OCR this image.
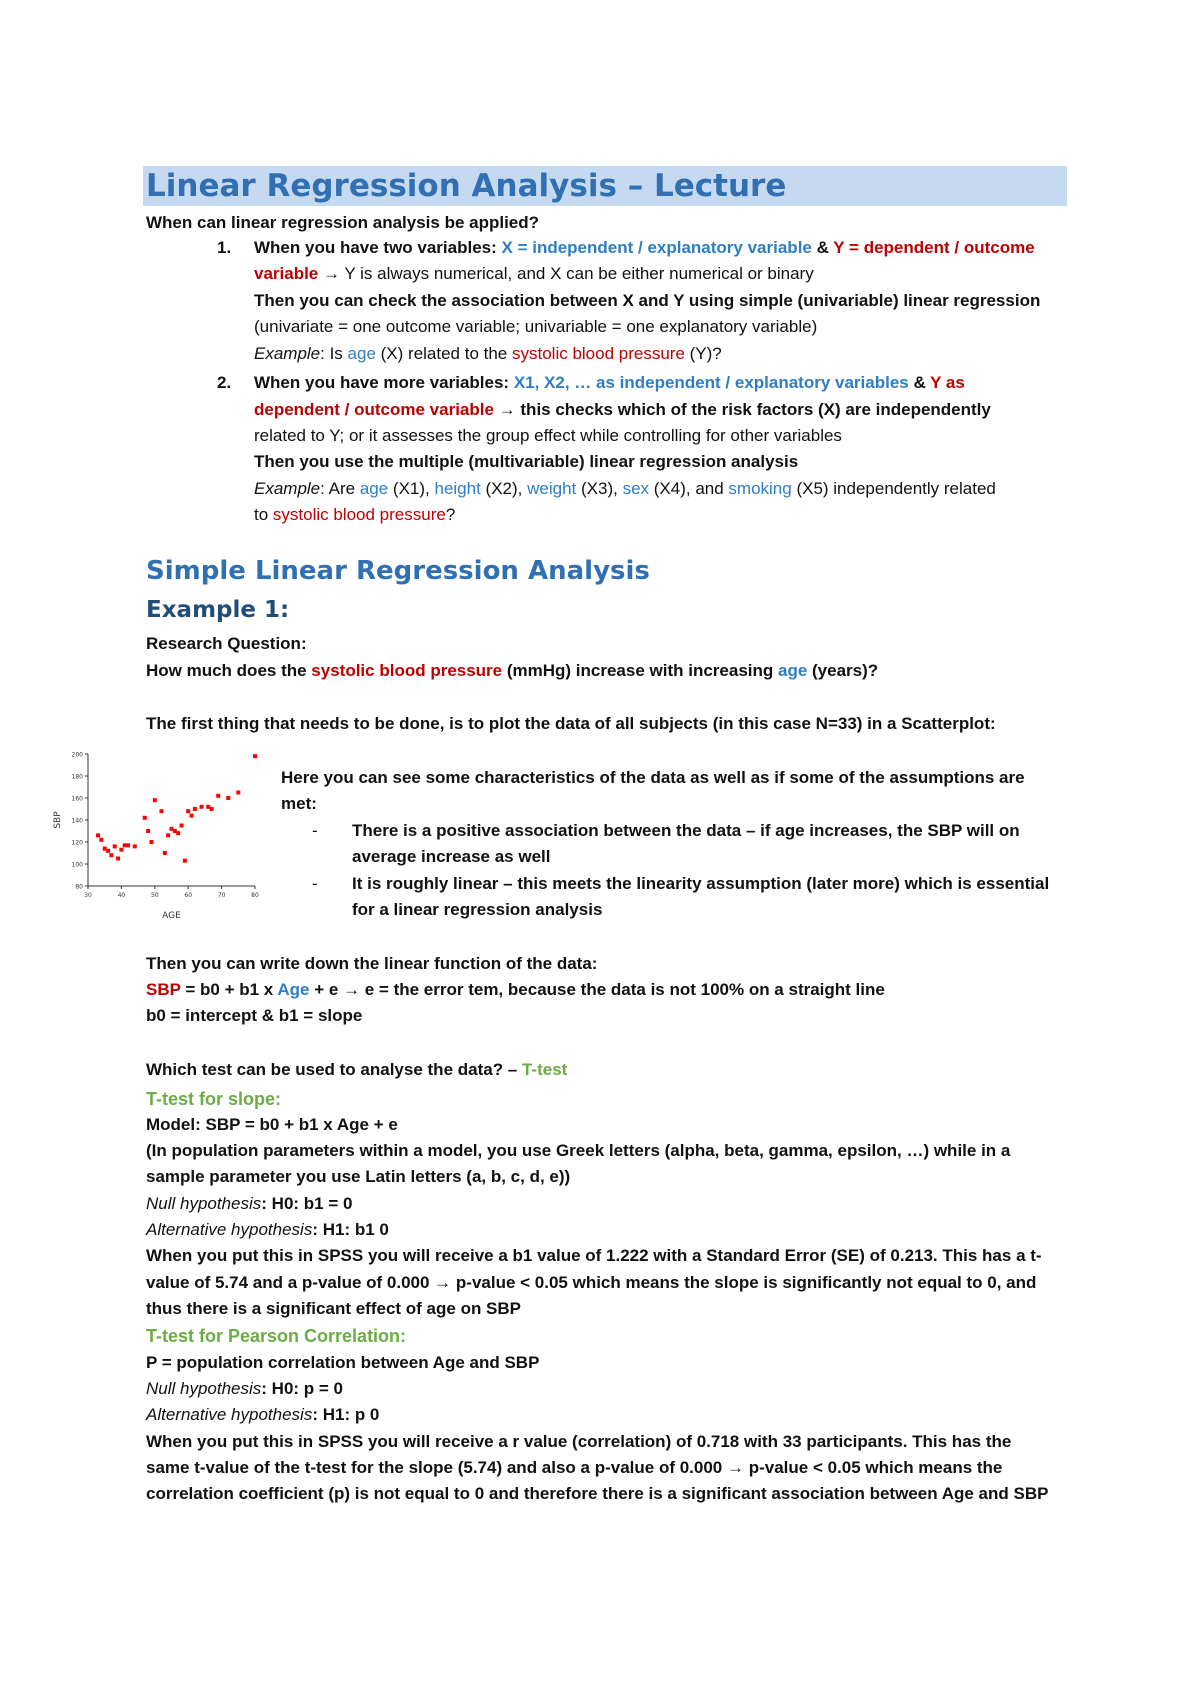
Linear Regression Analysis – Lecture
When can linear regression analysis be applied?
1. When you have two variables: X = independent / explanatory variable & Y = dependent / outcome
variable → Y is always numerical, and X can be either numerical or binary
Then you can check the association between X and Y using simple (univariable) linear regression
(univariate = one outcome variable; univariable = one explanatory variable)
Example: Is age (X) related to the systolic blood pressure (Y)?
2. When you have more variables: X1, X2, … as independent / explanatory variables & Y as
dependent / outcome variable → this checks which of the risk factors (X) are independently
related to Y; or it assesses the group effect while controlling for other variables
Then you use the multiple (multivariable) linear regression analysis
Example: Are age (X1), height (X2), weight (X3), sex (X4), and smoking (X5) independently related
to systolic blood pressure?
Simple Linear Regression Analysis
Example 1:
Research Question:
How much does the systolic blood pressure (mmHg) increase with increasing age (years)?
The first thing that needs to be done, is to plot the data of all subjects (in this case N=33) in a Scatterplot:
200
180
160
140
120
100
80
30	40	50	60	70	80
AGE
SBP
Here you can see some characteristics of the data as well as if some of the assumptions are
met:
- There is a positive association between the data – if age increases, the SBP will on
average increase as well
- It is roughly linear – this meets the linearity assumption (later more) which is essential
for a linear regression analysis
Then you can write down the linear function of the data:
SBP = b0 + b1 x Age + e → e = the error tem, because the data is not 100% on a straight line
b0 = intercept & b1 = slope
Which test can be used to analyse the data? – T-test
T-test for slope:
Model: SBP = b0 + b1 x Age + e
(In population parameters within a model, you use Greek letters (alpha, beta, gamma, epsilon, …) while in a
sample parameter you use Latin letters (a, b, c, d, e))
Null hypothesis: H0: b1 = 0
Alternative hypothesis: H1: b1 0
When you put this in SPSS you will receive a b1 value of 1.222 with a Standard Error (SE) of 0.213. This has a t-
value of 5.74 and a p-value of 0.000 → p-value < 0.05 which means the slope is significantly not equal to 0, and
thus there is a significant effect of age on SBP
T-test for Pearson Correlation:
P = population correlation between Age and SBP
Null hypothesis: H0: p = 0
Alternative hypothesis: H1: p 0
When you put this in SPSS you will receive a r value (correlation) of 0.718 with 33 participants. This has the
same t-value of the t-test for the slope (5.74) and also a p-value of 0.000 → p-value < 0.05 which means the
correlation coefficient (p) is not equal to 0 and therefore there is a significant association between Age and SBP
